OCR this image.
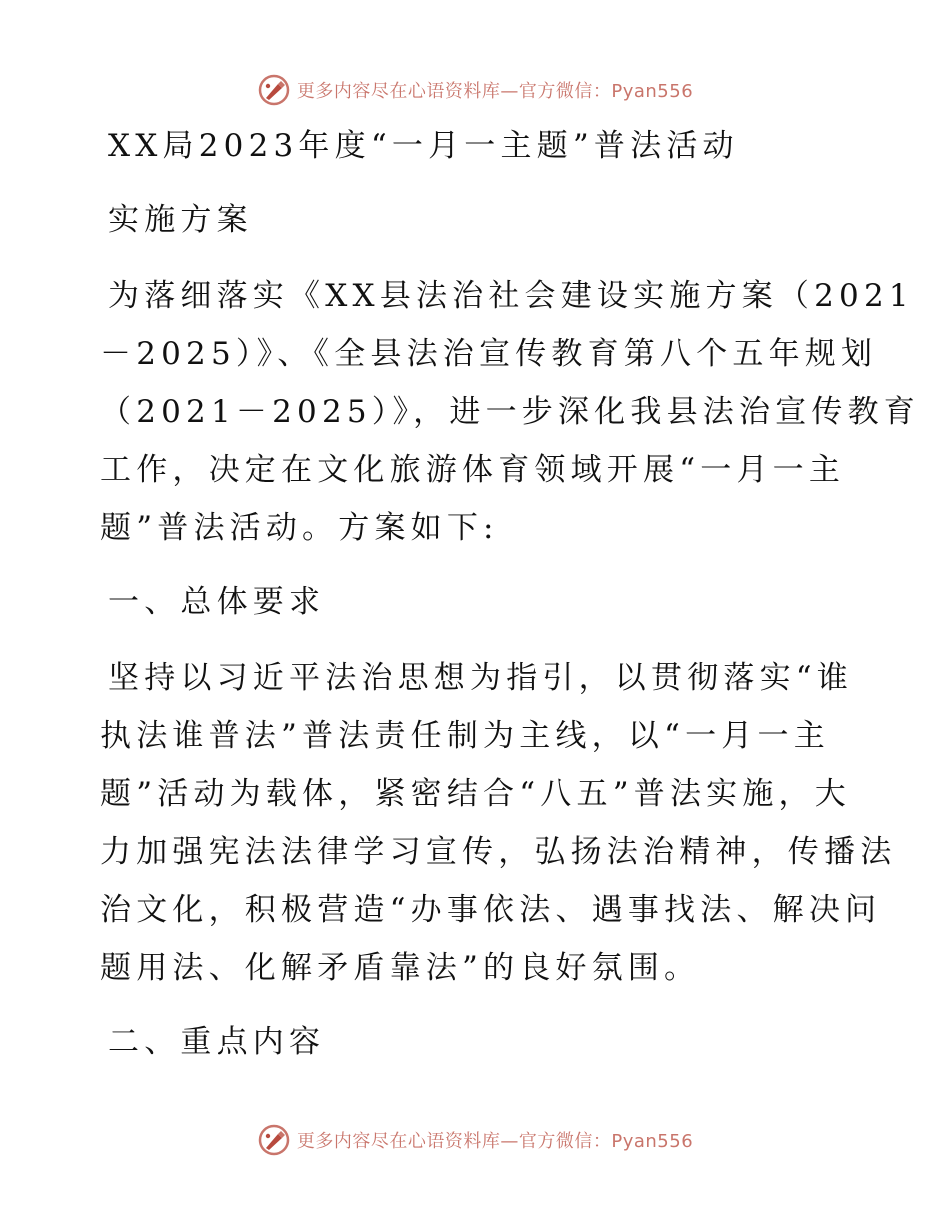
更多内容尽在心语资料库—官方微信：Pyan556
XX局2023年度“一月一主题”普法活动
实施方案
为落细落实《XX县法治社会建设实施方案（2021
－2025）》、《全县法治宣传教育第八个五年规划
（2021－2025）》，进一步深化我县法治宣传教育
工作，决定在文化旅游体育领域开展“一月一主
题”普法活动。方案如下:
一、总体要求
坚持以习近平法治思想为指引，以贯彻落实“谁
执法谁普法”普法责任制为主线，以“一月一主
题”活动为载体，紧密结合“八五”普法实施，大
力加强宪法法律学习宣传，弘扬法治精神，传播法
治文化，积极营造“办事依法、遇事找法、解决问
题用法、化解矛盾靠法”的良好氛围。
二、重点内容
更多内容尽在心语资料库—官方微信：Pyan556
